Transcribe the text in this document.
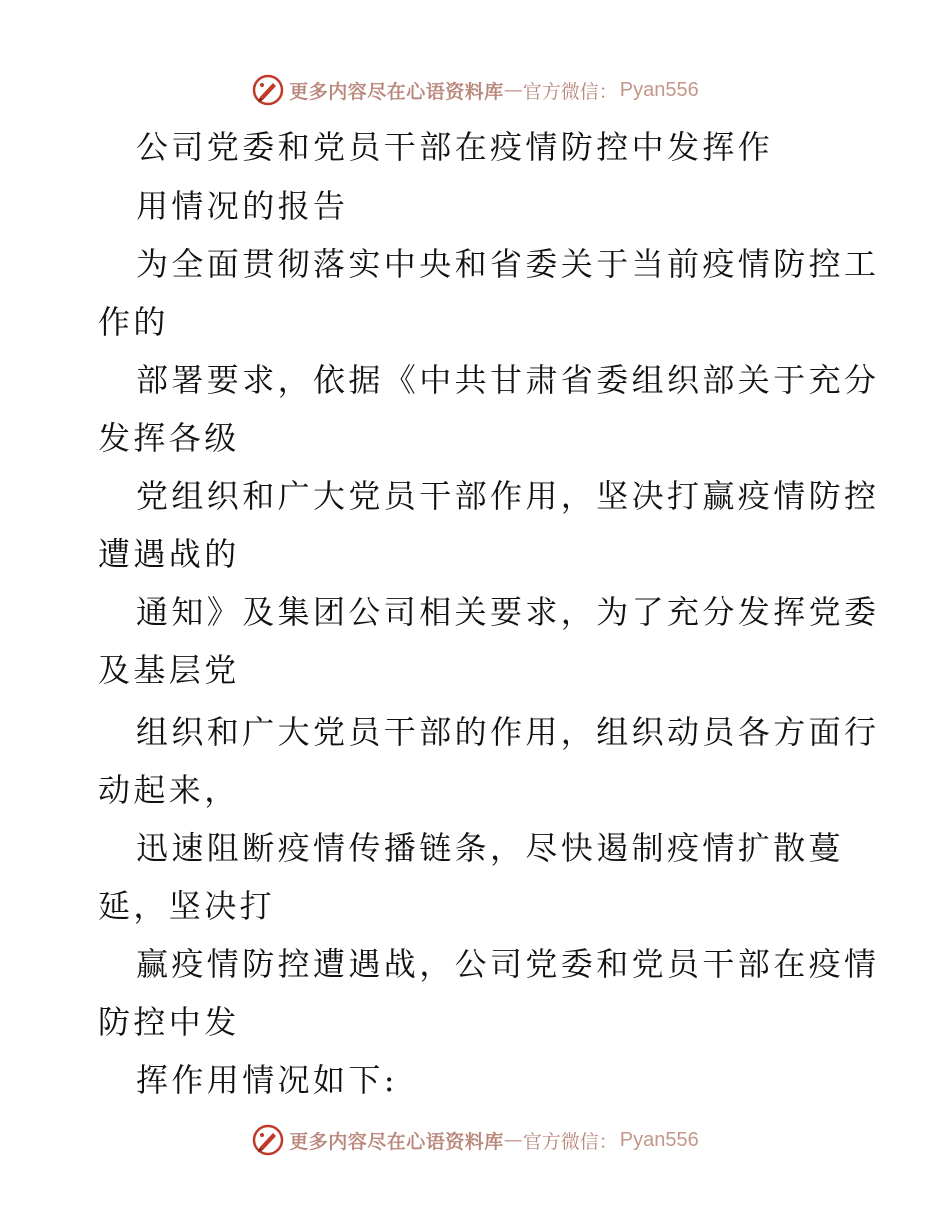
更多内容尽在心语资料库 — 官方微信： Pyan556
公司党委和党员干部在疫情防控中发挥作
用情况的报告
为全面贯彻落实中央和省委关于当前疫情防控工
作的
部署要求，依据《中共甘肃省委组织部关于充分
发挥各级
党组织和广大党员干部作用，坚决打赢疫情防控
遭遇战的
通知》及集团公司相关要求，为了充分发挥党委
及基层党
组织和广大党员干部的作用，组织动员各方面行
动起来，
迅速阻断疫情传播链条，尽快遏制疫情扩散蔓
延，坚决打
赢疫情防控遭遇战，公司党委和党员干部在疫情
防控中发
挥作用情况如下:
更多内容尽在心语资料库 — 官方微信： Pyan556
